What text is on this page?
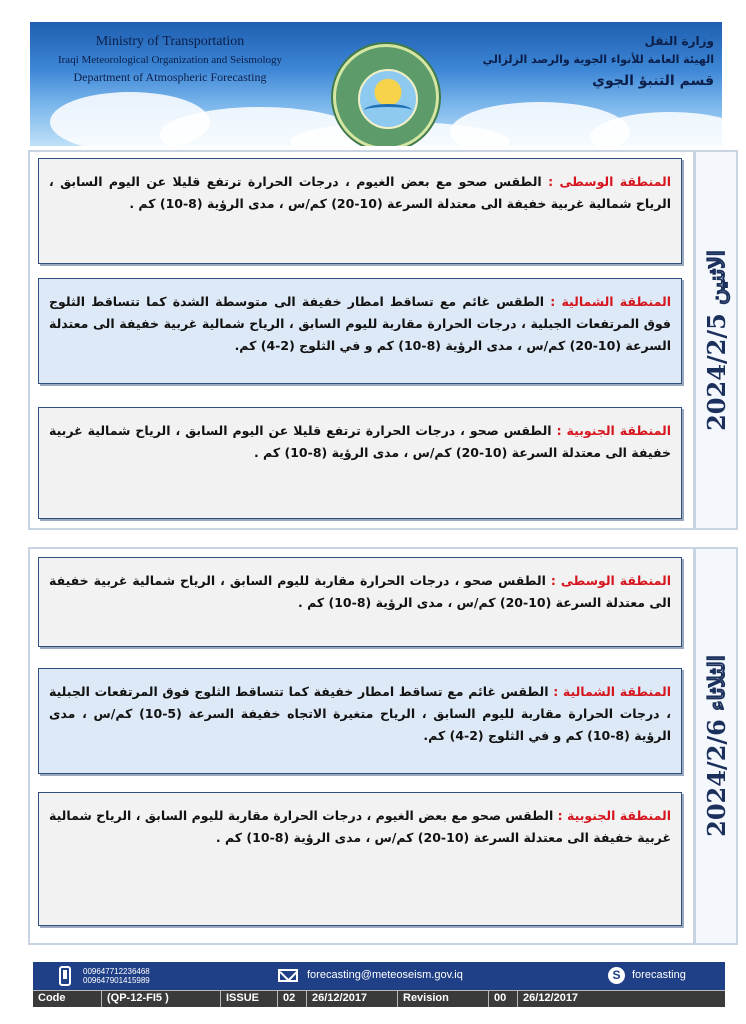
Ministry of Transportation
Iraqi Meteorological Organization and Seismology
Department of Atmospheric Forecasting
وزارة النقل
الهيئة العامة للأنواء الجوية والرصد الزلزالي
قسم التنبؤ الجوي
2024/2/5 الاثنين
المنطقة الوسطى : الطقس صحو مع بعض الغيوم ، درجات الحرارة ترتفع قليلا عن اليوم السابق ، الرياح شمالية غربية خفيفة الى معتدلة السرعة (10-20) كم/س ، مدى الرؤية (8-10) كم .
المنطقة الشمالية : الطقس غائم مع تساقط امطار خفيفة الى متوسطة الشدة كما تتساقط الثلوج فوق المرتفعات الجبلية ، درجات الحرارة مقاربة لليوم السابق ، الرياح شمالية غربية خفيفة الى معتدلة السرعة (10-20) كم/س ، مدى الرؤية (8-10) كم و في الثلوج (2-4) كم.
المنطقة الجنوبية : الطقس صحو ، درجات الحرارة ترتفع قليلا عن اليوم السابق ، الرياح شمالية غربية خفيفة الى معتدلة السرعة (10-20) كم/س ، مدى الرؤية (8-10) كم .
2024/2/6 الثلاثاء
المنطقة الوسطى : الطقس صحو ، درجات الحرارة مقاربة لليوم السابق ، الرياح شمالية غربية خفيفة الى معتدلة السرعة (10-20) كم/س ، مدى الرؤية (8-10) كم .
المنطقة الشمالية : الطقس غائم مع تساقط امطار خفيفة كما تتساقط الثلوج فوق المرتفعات الجبلية ، درجات الحرارة مقاربة لليوم السابق ، الرياح متغيرة الاتجاه خفيفة السرعة (5-10) كم/س ، مدى الرؤية (8-10) كم و في الثلوج (2-4) كم.
المنطقة الجنوبية : الطقس صحو مع بعض الغيوم ، درجات الحرارة مقاربة لليوم السابق ، الرياح شمالية غربية خفيفة الى معتدلة السرعة (10-20) كم/س ، مدى الرؤية (8-10) كم .
009647712236468
009647901415989	forecasting@meteoseism.gov.iq	S	forecasting
Code	(QP-12-FI5 )	ISSUE	02	26/12/2017	Revision	00	26/12/2017
